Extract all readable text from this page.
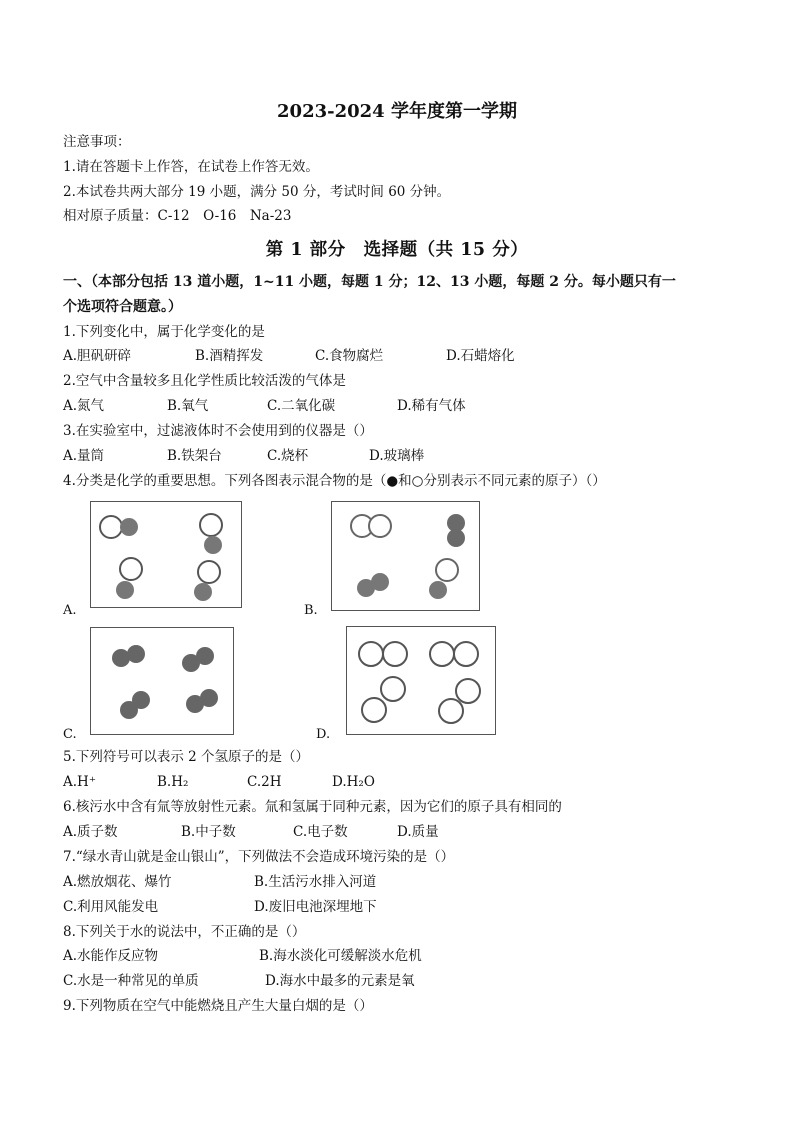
2023-2024 学年度第一学期
注意事项：
1.请在答题卡上作答，在试卷上作答无效。
2.本试卷共两大部分 19 小题，满分 50 分，考试时间 60 分钟。
相对原子质量：C-12　O-16　Na-23
第 1 部分　选择题（共 15 分）
一、（本部分包括 13 道小题，1~11 小题，每题 1 分；12、13 小题，每题 2 分。每小题只有一
个选项符合题意。）
1.下列变化中，属于化学变化的是
A.胆矾研碎	B.酒精挥发	C.食物腐烂	D.石蜡熔化
2.空气中含量较多且化学性质比较活泼的气体是
A.氮气	B.氧气	C.二氧化碳	D.稀有气体
3.在实验室中，过滤液体时不会使用到的仪器是（）
A.量筒	B.铁架台	C.烧杯	D.玻璃棒
4.分类是化学的重要思想。下列各图表示混合物的是（●和○分别表示不同元素的原子）（）
A.	B.
C.	D.
5.下列符号可以表示 2 个氢原子的是（）
A.H⁺	B.H₂	C.2H	D.H₂O
6.核污水中含有氚等放射性元素。氚和氢属于同种元素，因为它们的原子具有相同的
A.质子数	B.中子数	C.电子数	D.质量
7.“绿水青山就是金山银山”，下列做法不会造成环境污染的是（）
A.燃放烟花、爆竹	B.生活污水排入河道
C.利用风能发电	D.废旧电池深埋地下
8.下列关于水的说法中，不正确的是（）
A.水能作反应物	B.海水淡化可缓解淡水危机
C.水是一种常见的单质	D.海水中最多的元素是氧
9.下列物质在空气中能燃烧且产生大量白烟的是（）
